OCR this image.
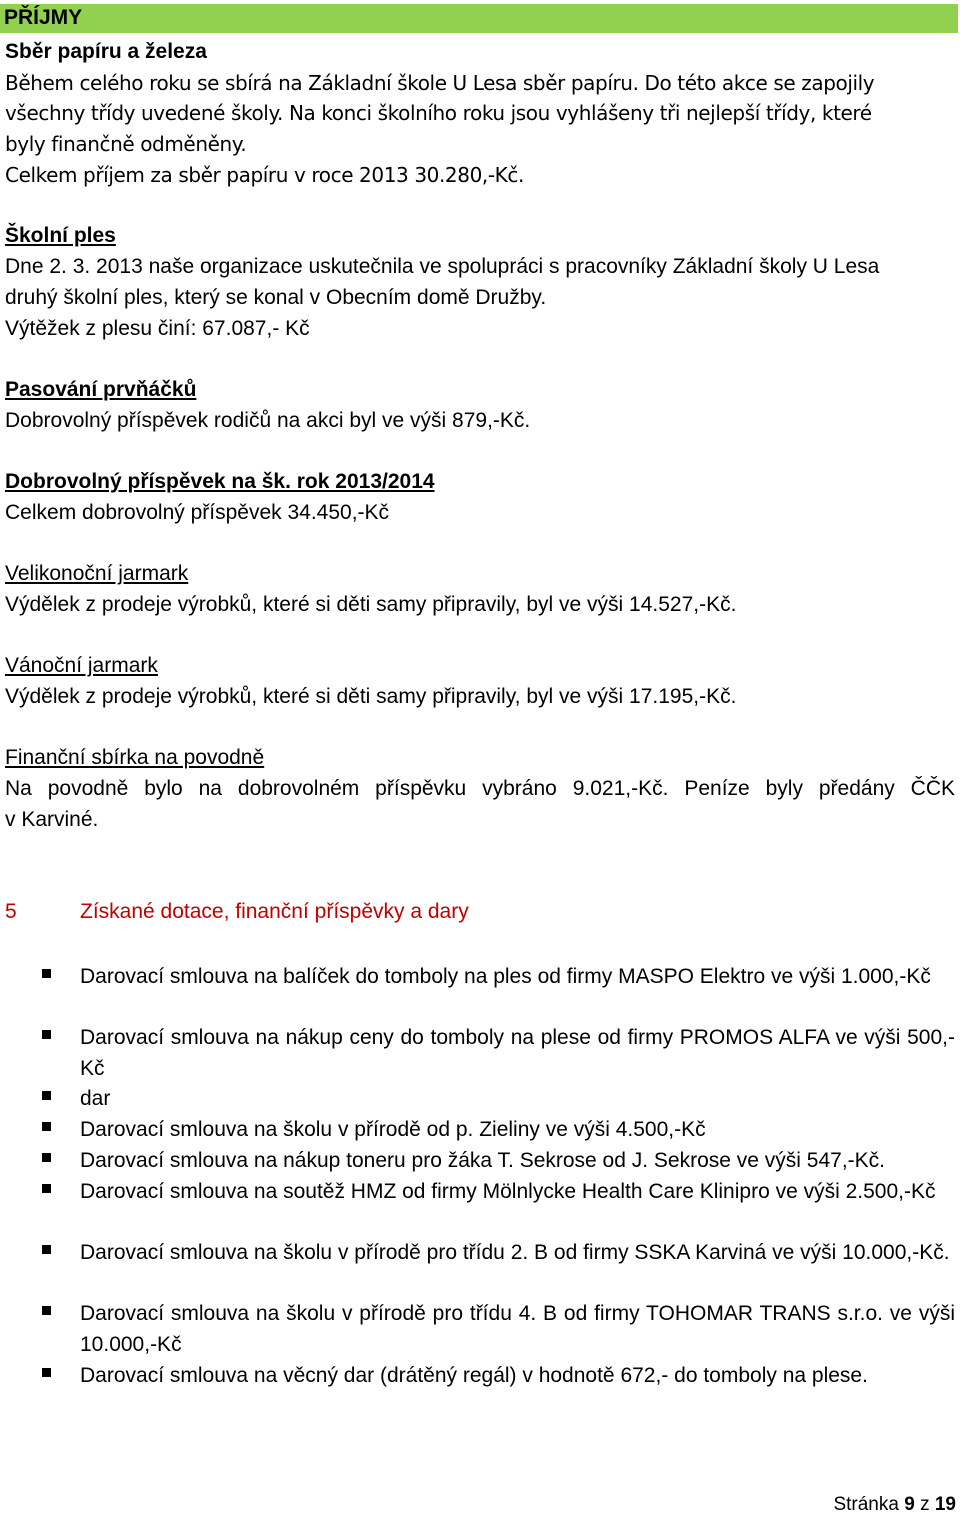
PŘÍJMY
Sběr papíru a železa
Během celého roku se sbírá na Základní škole U Lesa sběr papíru. Do této akce se zapojily
všechny třídy uvedené školy. Na konci školního roku jsou vyhlášeny tři nejlepší třídy, které
byly finančně odměněny.
Celkem příjem za sběr papíru v roce 2013 30.280,-Kč.
Školní ples
Dne 2. 3. 2013 naše organizace uskutečnila ve spolupráci s pracovníky Základní školy U Lesa
druhý školní ples, který se konal v Obecním domě Družby.
Výtěžek z plesu činí: 67.087,- Kč
Pasování prvňáčků
Dobrovolný příspěvek rodičů na akci byl ve výši 879,-Kč.
Dobrovolný příspěvek na šk. rok 2013/2014
Celkem dobrovolný příspěvek 34.450,-Kč
Velikonoční jarmark
Výdělek z prodeje výrobků, které si děti samy připravily, byl ve výši 14.527,-Kč.
Vánoční jarmark
Výdělek z prodeje výrobků, které si děti samy připravily, byl ve výši 17.195,-Kč.
Finanční sbírka na povodně
Na povodně bylo na dobrovolném příspěvku vybráno 9.021,-Kč. Peníze byly předány ČČK
v Karviné.
5	Získané dotace, finanční příspěvky a dary
Darovací smlouva na balíček do tomboly na ples od firmy MASPO Elektro ve výši 1.000,-Kč
Darovací smlouva na nákup ceny do tomboly na plese od firmy PROMOS ALFA ve výši 500,-Kč
dar
Darovací smlouva na školu v přírodě od p. Zieliny ve výši 4.500,-Kč
Darovací smlouva na nákup toneru pro žáka T. Sekrose od J. Sekrose ve výši 547,-Kč.
Darovací smlouva na soutěž HMZ od firmy Mölnlycke Health Care Klinipro ve výši 2.500,-Kč
Darovací smlouva na školu v přírodě pro třídu 2. B od firmy SSKA Karviná ve výši 10.000,-Kč.
Darovací smlouva na školu v přírodě pro třídu 4. B od firmy TOHOMAR TRANS s.r.o. ve výši 10.000,-Kč
Darovací smlouva na věcný dar (drátěný regál) v hodnotě 672,- do tomboly na plese.
Stránka 9 z 19
